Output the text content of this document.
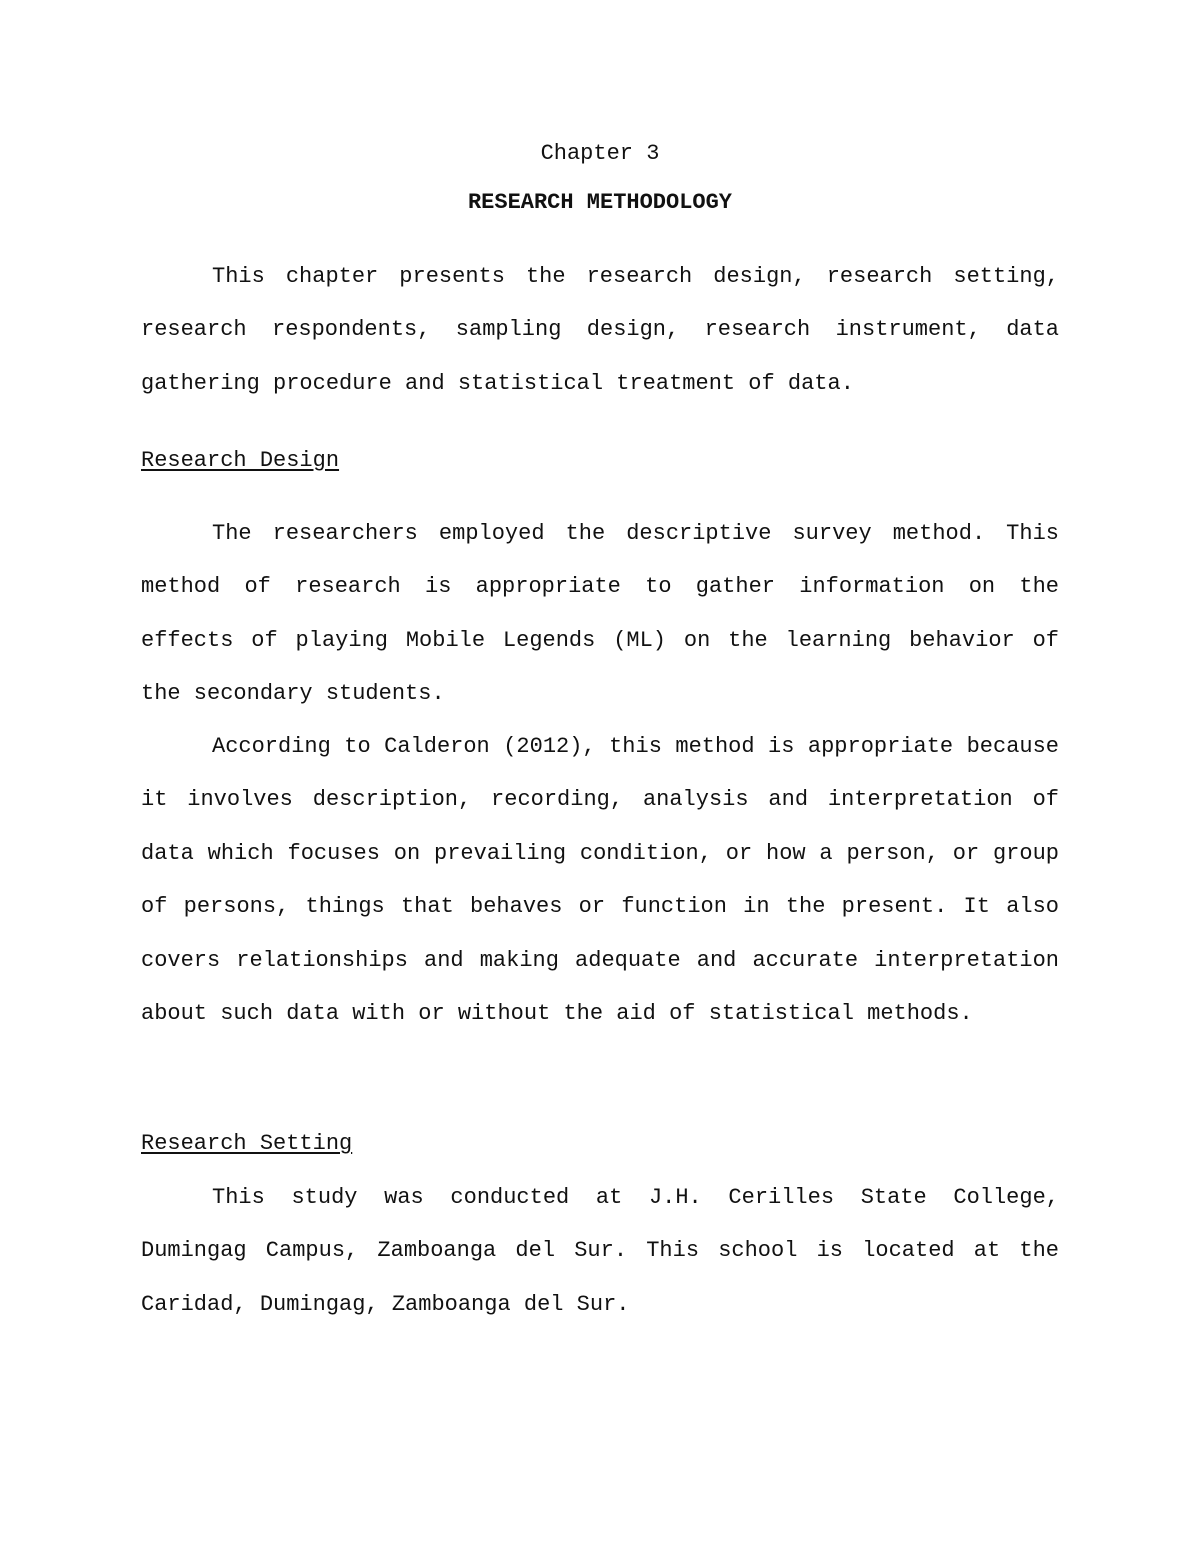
Chapter 3
RESEARCH METHODOLOGY

This chapter presents the research design, research setting, research respondents, sampling design, research instrument, data gathering procedure and statistical treatment of data.

Research Design

The researchers employed the descriptive survey method. This method of research is appropriate to gather information on the effects of playing Mobile Legends (ML) on the learning behavior of the secondary students.

According to Calderon (2012), this method is appropriate because it involves description, recording, analysis and interpretation of data which focuses on prevailing condition, or how a person, or group of persons, things that behaves or function in the present. It also covers relationships and making adequate and accurate interpretation about such data with or without the aid of statistical methods.

Research Setting

This study was conducted at J.H. Cerilles State College, Dumingag Campus, Zamboanga del Sur. This school is located at the Caridad, Dumingag, Zamboanga del Sur.
